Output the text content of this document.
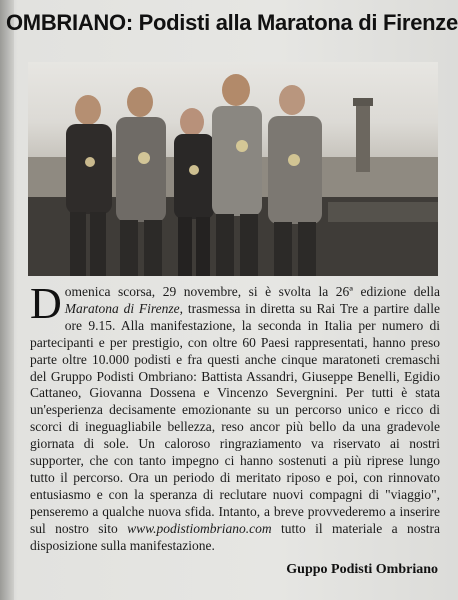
OMBRIANO: Podisti alla Maratona di Firenze

Domenica scorsa, 29 novembre, si è svolta la 26ª edizione della Maratona di Firenze, trasmessa in diretta su Rai Tre a partire dalle ore 9.15. Alla manifestazione, la seconda in Italia per numero di partecipanti e per prestigio, con oltre 60 Paesi rappresentati, hanno preso parte oltre 10.000 podisti e fra questi anche cinque maratoneti cremaschi del Gruppo Podisti Ombriano: Battista Assandri, Giuseppe Benelli, Egidio Cattaneo, Giovanna Dossena e Vincenzo Severgnini. Per tutti è stata un'esperienza decisamente emozionante su un percorso unico e ricco di scorci di ineguagliabile bellezza, reso ancor più bello da una gradevole giornata di sole. Un caloroso ringraziamento va riservato ai nostri supporter, che con tanto impegno ci hanno sostenuti a più riprese lungo tutto il percorso. Ora un periodo di meritato riposo e poi, con rinnovato entusiasmo e con la speranza di reclutare nuovi compagni di "viaggio", penseremo a qualche nuova sfida. Intanto, a breve provvederemo a inserire sul nostro sito www.podistiombriano.com tutto il materiale a nostra disposizione sulla manifestazione.

Guppo Podisti Ombriano
